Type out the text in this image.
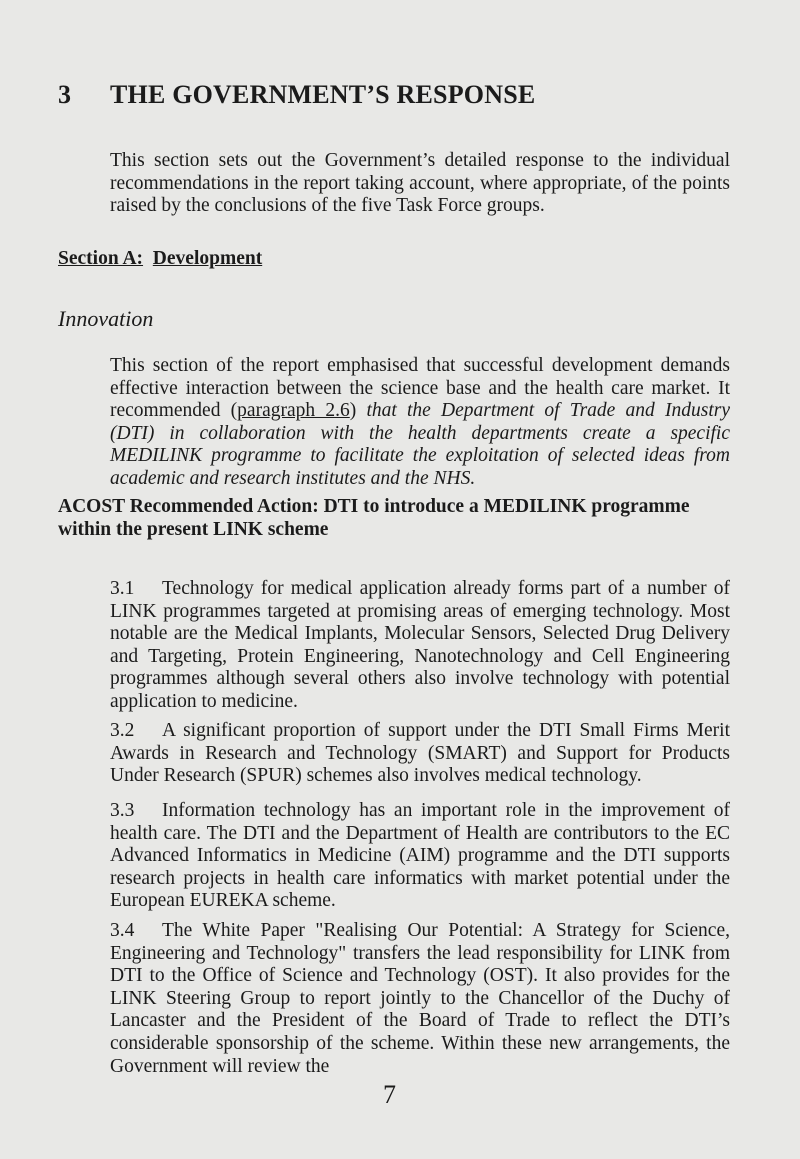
3 THE GOVERNMENT’S RESPONSE

This section sets out the Government’s detailed response to the individual recommendations in the report taking account, where appropriate, of the points raised by the conclusions of the five Task Force groups.

Section A: Development
Innovation

This section of the report emphasised that successful development demands effective interaction between the science base and the health care market. It recommended (paragraph 2.6) that the Department of Trade and Industry (DTI) in collaboration with the health departments create a specific MEDILINK programme to facilitate the exploitation of selected ideas from academic and research institutes and the NHS.

ACOST Recommended Action: DTI to introduce a MEDILINK programme within the present LINK scheme

3.1 Technology for medical application already forms part of a number of LINK programmes targeted at promising areas of emerging technology. Most notable are the Medical Implants, Molecular Sensors, Selected Drug Delivery and Targeting, Protein Engineering, Nanotechnology and Cell Engineering programmes although several others also involve technology with potential application to medicine.

3.2 A significant proportion of support under the DTI Small Firms Merit Awards in Research and Technology (SMART) and Support for Products Under Research (SPUR) schemes also involves medical technology.

3.3 Information technology has an important role in the improvement of health care. The DTI and the Department of Health are contributors to the EC Advanced Informatics in Medicine (AIM) programme and the DTI supports research projects in health care informatics with market potential under the European EUREKA scheme.

3.4 The White Paper "Realising Our Potential: A Strategy for Science, Engineering and Technology" transfers the lead responsibility for LINK from DTI to the Office of Science and Technology (OST). It also provides for the LINK Steering Group to report jointly to the Chancellor of the Duchy of Lancaster and the President of the Board of Trade to reflect the DTI’s considerable sponsorship of the scheme. Within these new arrangements, the Government will review the

7
